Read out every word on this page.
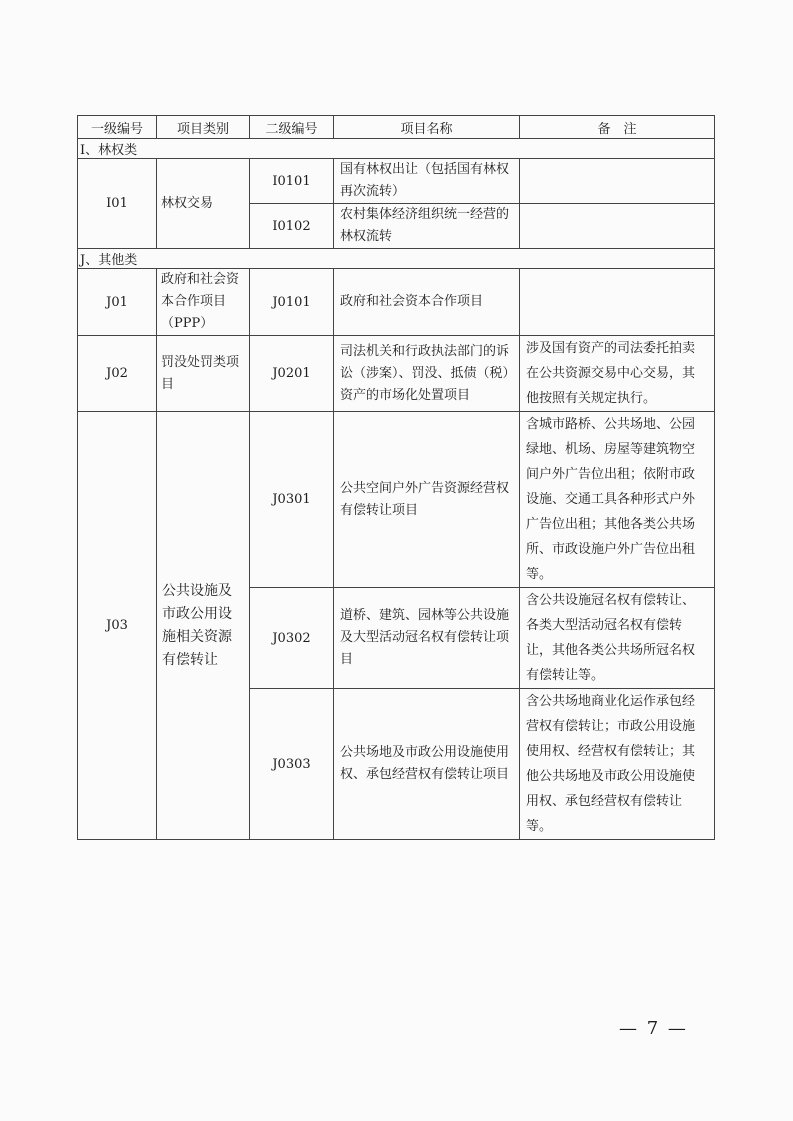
一级编号	项目类别	二级编号	项目名称	备　注
I、林权类				
I01	林权交易	I0101	国有林权出让（包括国有林权再次流转）	
		I0102	农村集体经济组织统一经营的林权流转	
J、其他类				
J01	政府和社会资本合作项目（PPP）	J0101	政府和社会资本合作项目	
J02	罚没处罚类项目	J0201	司法机关和行政执法部门的诉讼（涉案）、罚没、抵债（税）资产的市场化处置项目	涉及国有资产的司法委托拍卖在公共资源交易中心交易，其他按照有关规定执行。
J03	公共设施及市政公用设施相关资源有偿转让	J0301	公共空间户外广告资源经营权有偿转让项目	含城市路桥、公共场地、公园绿地、机场、房屋等建筑物空间户外广告位出租；依附市政设施、交通工具各种形式户外广告位出租；其他各类公共场所、市政设施户外广告位出租等。
		J0302	道桥、建筑、园林等公共设施及大型活动冠名权有偿转让项目	含公共设施冠名权有偿转让、各类大型活动冠名权有偿转让，其他各类公共场所冠名权有偿转让等。
		J0303	公共场地及市政公用设施使用权、承包经营权有偿转让项目	含公共场地商业化运作承包经营权有偿转让；市政公用设施使用权、经营权有偿转让；其他公共场地及市政公用设施使用权、承包经营权有偿转让等。
— 7 —
